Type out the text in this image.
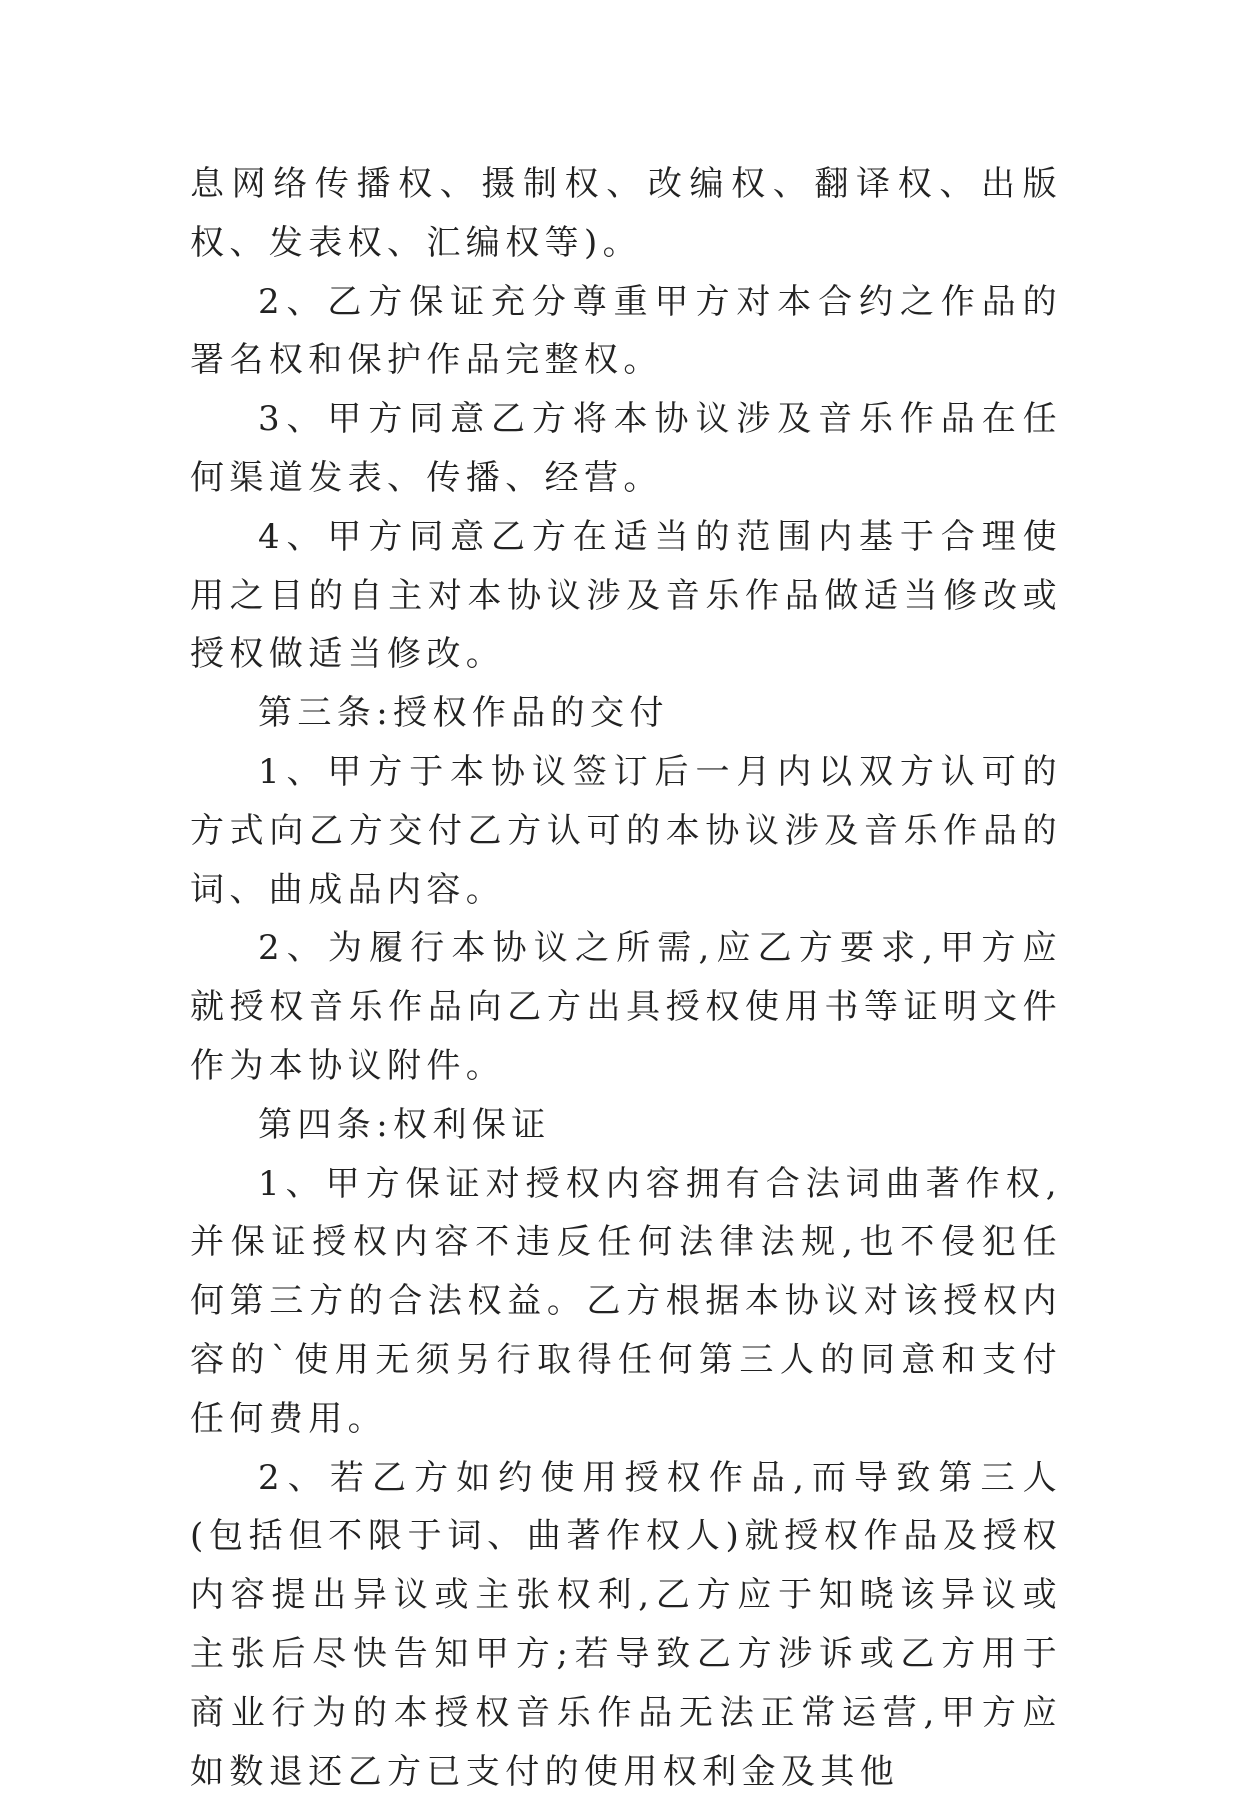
息网络传播权、摄制权、改编权、翻译权、出版权、发表权、汇编权等)。

2、乙方保证充分尊重甲方对本合约之作品的署名权和保护作品完整权。

3、甲方同意乙方将本协议涉及音乐作品在任何渠道发表、传播、经营。

4、甲方同意乙方在适当的范围内基于合理使用之目的自主对本协议涉及音乐作品做适当修改或授权做适当修改。

第三条:授权作品的交付

1、甲方于本协议签订后一月内以双方认可的方式向乙方交付乙方认可的本协议涉及音乐作品的词、曲成品内容。

2、为履行本协议之所需,应乙方要求,甲方应就授权音乐作品向乙方出具授权使用书等证明文件作为本协议附件。

第四条:权利保证

1、甲方保证对授权内容拥有合法词曲著作权,并保证授权内容不违反任何法律法规,也不侵犯任何第三方的合法权益。乙方根据本协议对该授权内容的`使用无须另行取得任何第三人的同意和支付任何费用。

2、若乙方如约使用授权作品,而导致第三人(包括但不限于词、曲著作权人)就授权作品及授权内容提出异议或主张权利,乙方应于知晓该异议或主张后尽快告知甲方;若导致乙方涉诉或乙方用于商业行为的本授权音乐作品无法正常运营,甲方应如数退还乙方已支付的使用权利金及其他
